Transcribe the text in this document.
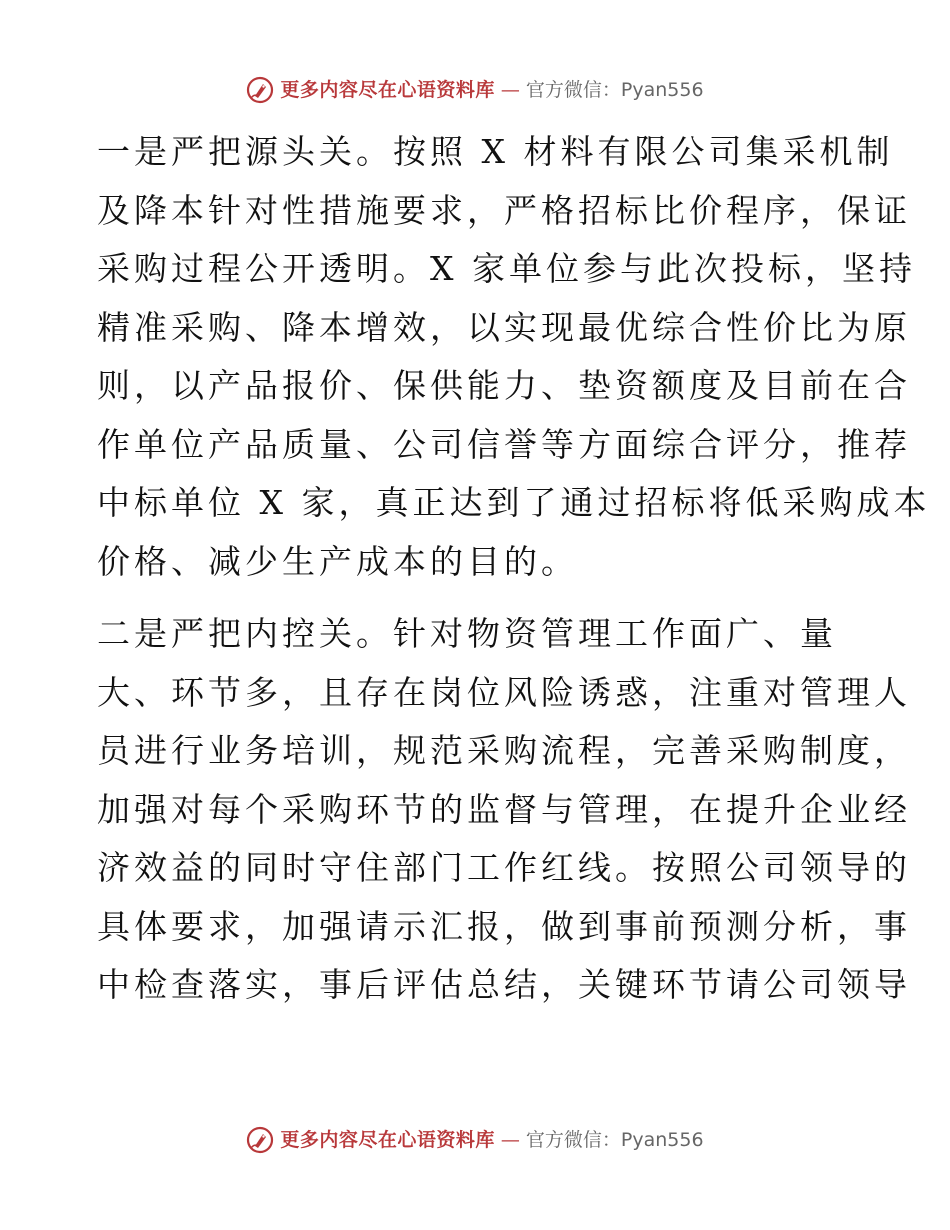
更多内容尽在心语资料库 — 官方微信：Pyan556

一是严把源头关。按照 X 材料有限公司集采机制
及降本针对性措施要求，严格招标比价程序，保证
采购过程公开透明。X 家单位参与此次投标，坚持
精准采购、降本增效，以实现最优综合性价比为原
则，以产品报价、保供能力、垫资额度及目前在合
作单位产品质量、公司信誉等方面综合评分，推荐
中标单位 X 家，真正达到了通过招标将低采购成本
价格、减少生产成本的目的。

二是严把内控关。针对物资管理工作面广、量
大、环节多，且存在岗位风险诱惑，注重对管理人
员进行业务培训，规范采购流程，完善采购制度，
加强对每个采购环节的监督与管理，在提升企业经
济效益的同时守住部门工作红线。按照公司领导的
具体要求，加强请示汇报，做到事前预测分析，事
中检查落实，事后评估总结，关键环节请公司领导

更多内容尽在心语资料库 — 官方微信：Pyan556
